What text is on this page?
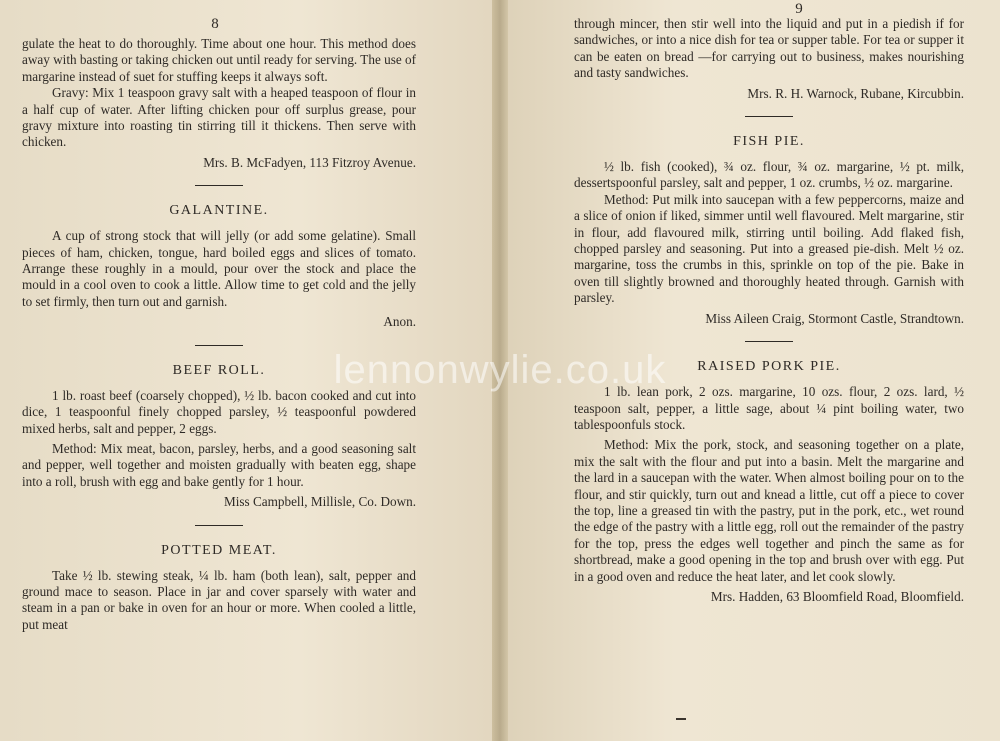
8

gulate the heat to do thoroughly. Time about one hour. This method does away with basting or taking chicken out until ready for serving. The use of margarine instead of suet for stuffing keeps it always soft.

Gravy: Mix 1 teaspoon gravy salt with a heaped teaspoon of flour in a half cup of water. After lifting chicken pour off surplus grease, pour gravy mixture into roasting tin stirring till it thickens. Then serve with chicken.

Mrs. B. McFadyen, 113 Fitzroy Avenue.
GALANTINE.

A cup of strong stock that will jelly (or add some gelatine). Small pieces of ham, chicken, tongue, hard boiled eggs and slices of tomato. Arrange these roughly in a mould, pour over the stock and place the mould in a cool oven to cook a little. Allow time to get cold and the jelly to set firmly, then turn out and garnish.

Anon.
BEEF ROLL.

1 lb. roast beef (coarsely chopped), ½ lb. bacon cooked and cut into dice, 1 teaspoonful finely chopped parsley, ½ teaspoonful powdered mixed herbs, salt and pepper, 2 eggs.

Method: Mix meat, bacon, parsley, herbs, and a good seasoning salt and pepper, well together and moisten gradually with beaten egg, shape into a roll, brush with egg and bake gently for 1 hour.

Miss Campbell, Millisle, Co. Down.
POTTED MEAT.

Take ½ lb. stewing steak, ¼ lb. ham (both lean), salt, pepper and ground mace to season. Place in jar and cover sparsely with water and steam in a pan or bake in oven for an hour or more. When cooled a little, put meat

9

through mincer, then stir well into the liquid and put in a piedish if for sandwiches, or into a nice dish for tea or supper table. For tea or supper it can be eaten on bread —for carrying out to business, makes nourishing and tasty sandwiches.

Mrs. R. H. Warnock, Rubane, Kircubbin.
FISH PIE.

½ lb. fish (cooked), ¾ oz. flour, ¾ oz. margarine, ½ pt. milk, dessertspoonful parsley, salt and pepper, 1 oz. crumbs, ½ oz. margarine.

Method: Put milk into saucepan with a few peppercorns, maize and a slice of onion if liked, simmer until well flavoured. Melt margarine, stir in flour, add flavoured milk, stirring until boiling. Add flaked fish, chopped parsley and seasoning. Put into a greased pie-dish. Melt ½ oz. margarine, toss the crumbs in this, sprinkle on top of the pie. Bake in oven till slightly browned and thoroughly heated through. Garnish with parsley.

Miss Aileen Craig, Stormont Castle, Strandtown.
RAISED PORK PIE.

1 lb. lean pork, 2 ozs. margarine, 10 ozs. flour, 2 ozs. lard, ½ teaspoon salt, pepper, a little sage, about ¼ pint boiling water, two tablespoonfuls stock.

Method: Mix the pork, stock, and seasoning together on a plate, mix the salt with the flour and put into a basin. Melt the margarine and the lard in a saucepan with the water. When almost boiling pour on to the flour, and stir quickly, turn out and knead a little, cut off a piece to cover the top, line a greased tin with the pastry, put in the pork, etc., wet round the edge of the pastry with a little egg, roll out the remainder of the pastry for the top, press the edges well together and pinch the same as for shortbread, make a good opening in the top and brush over with egg. Put in a good oven and reduce the heat later, and let cook slowly.

Mrs. Hadden, 63 Bloomfield Road, Bloomfield.
lennonwylie.co.uk
